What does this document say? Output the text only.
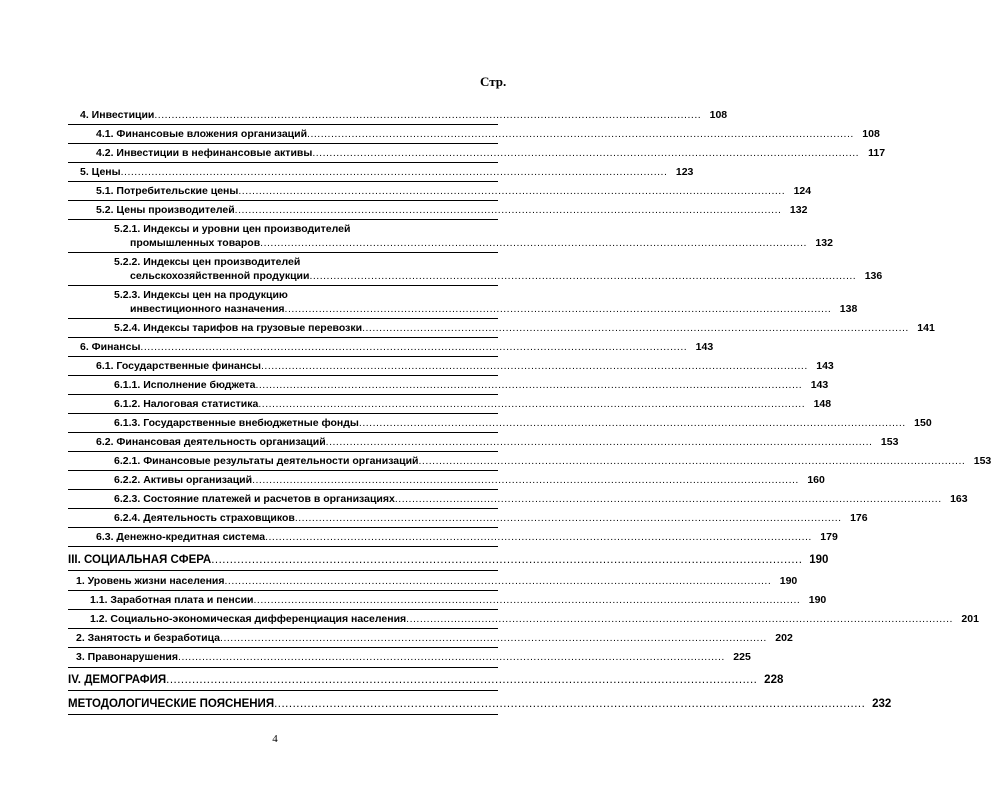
Стр.
4. Инвестиции ................................................................................................................................................................ 108
4.1. Финансовые вложения организаций ................................................................................................................................................................ 108
4.2. Инвестиции в нефинансовые активы ................................................................................................................................................................ 117
5. Цены ................................................................................................................................................................ 123
5.1. Потребительские цены ................................................................................................................................................................ 124
5.2. Цены производителей ................................................................................................................................................................ 132
5.2.1. Индексы и уровни цен производителей
промышленных товаров ................................................................................................................................................................ 132
5.2.2. Индексы цен производителей
сельскохозяйственной продукции ................................................................................................................................................................ 136
5.2.3. Индексы цен на продукцию
инвестиционного назначения ................................................................................................................................................................ 138
5.2.4. Индексы тарифов на грузовые перевозки ................................................................................................................................................................ 141
6. Финансы ................................................................................................................................................................ 143
6.1. Государственные финансы ................................................................................................................................................................ 143
6.1.1. Исполнение бюджета ................................................................................................................................................................ 143
6.1.2. Налоговая статистика ................................................................................................................................................................ 148
6.1.3. Государственные внебюджетные фонды ................................................................................................................................................................ 150
6.2. Финансовая деятельность организаций ................................................................................................................................................................ 153
6.2.1. Финансовые результаты деятельности организаций ................................................................................................................................................................ 153
6.2.2. Активы организаций ................................................................................................................................................................ 160
6.2.3. Состояние платежей и расчетов в организациях ................................................................................................................................................................ 163
6.2.4. Деятельность страховщиков ................................................................................................................................................................ 176
6.3. Денежно-кредитная система ................................................................................................................................................................ 179
III. СОЦИАЛЬНАЯ СФЕРА ................................................................................................................................................................ 190
1. Уровень жизни населения ................................................................................................................................................................ 190
1.1. Заработная плата и пенсии ................................................................................................................................................................ 190
1.2. Социально-экономическая дифференциация населения ................................................................................................................................................................ 201
2. Занятость и безработица ................................................................................................................................................................ 202
3. Правонарушения ................................................................................................................................................................ 225
IV. ДЕМОГРАФИЯ ................................................................................................................................................................ 228
МЕТОДОЛОГИЧЕСКИЕ ПОЯСНЕНИЯ ................................................................................................................................................................ 232
4
